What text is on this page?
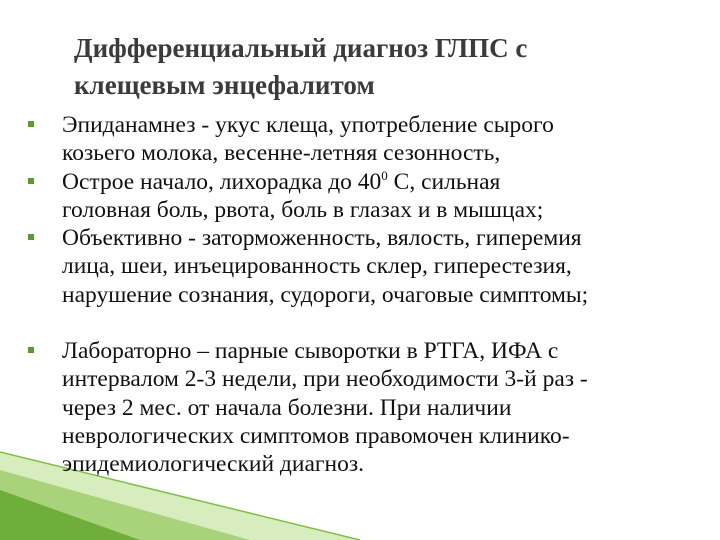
Дифференциальный диагноз ГЛПС с
клещевым энцефалитом
Эпиданамнез - укус клеща, употребление сырого
козьего молока, весенне-летняя сезонность,
Острое начало, лихорадка до $40^0$ С, сильная
головная боль, рвота, боль в глазах и в мышцах;
Объективно - заторможенность, вялость, гиперемия
лица, шеи, инъецированность склер, гиперестезия,
нарушение сознания, судороги, очаговые симптомы;
Лабораторно – парные сыворотки в РТГА, ИФА с
интервалом 2-3 недели, при необходимости 3-й раз -
через 2 мес. от начала болезни. При наличии
неврологических симптомов правомочен клинико-
эпидемиологический диагноз.
